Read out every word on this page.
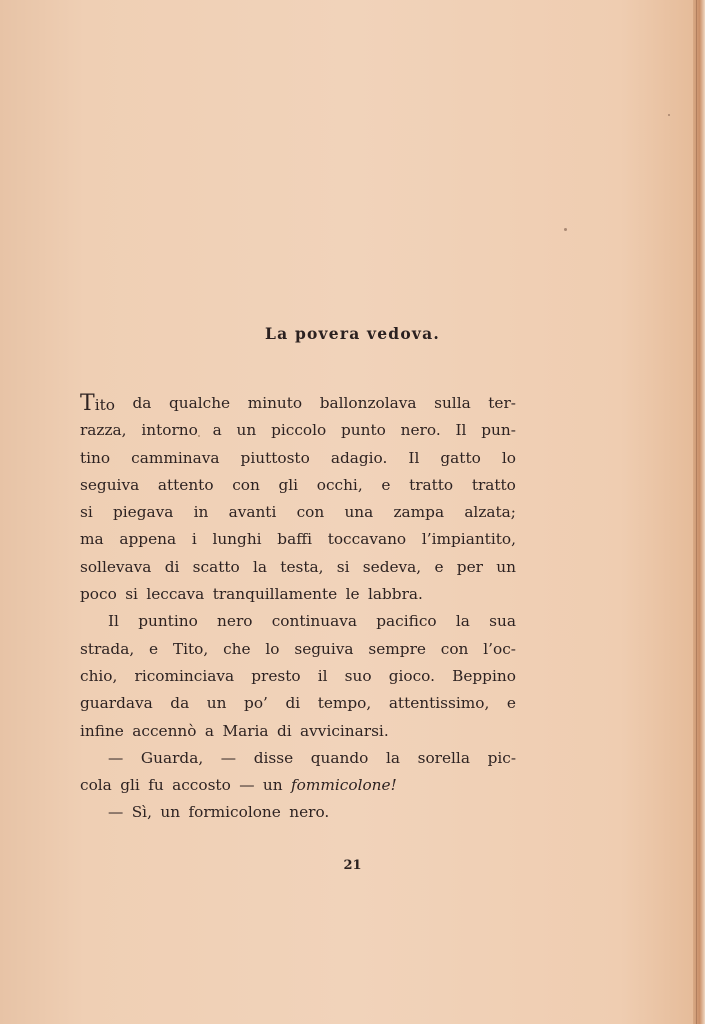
La povera vedova.
Tito da qualche minuto ballonzolava sulla ter-
razza, intorno a un piccolo punto nero. Il pun-
tino camminava piuttosto adagio. Il gatto lo
seguiva attento con gli occhi, e tratto tratto
si piegava in avanti con una zampa alzata;
ma appena i lunghi baffi toccavano l’impiantito,
sollevava di scatto la testa, si sedeva, e per un
poco si leccava tranquillamente le labbra.
Il puntino nero continuava pacifico la sua
strada, e Tito, che lo seguiva sempre con l’oc-
chio, ricominciava presto il suo gioco. Beppino
guardava da un po’ di tempo, attentissimo, e
infine accennò a Maria di avvicinarsi.
— Guarda, — disse quando la sorella pic-
cola gli fu accosto — un fommicolone!
— Sì, un formicolone nero.
21
